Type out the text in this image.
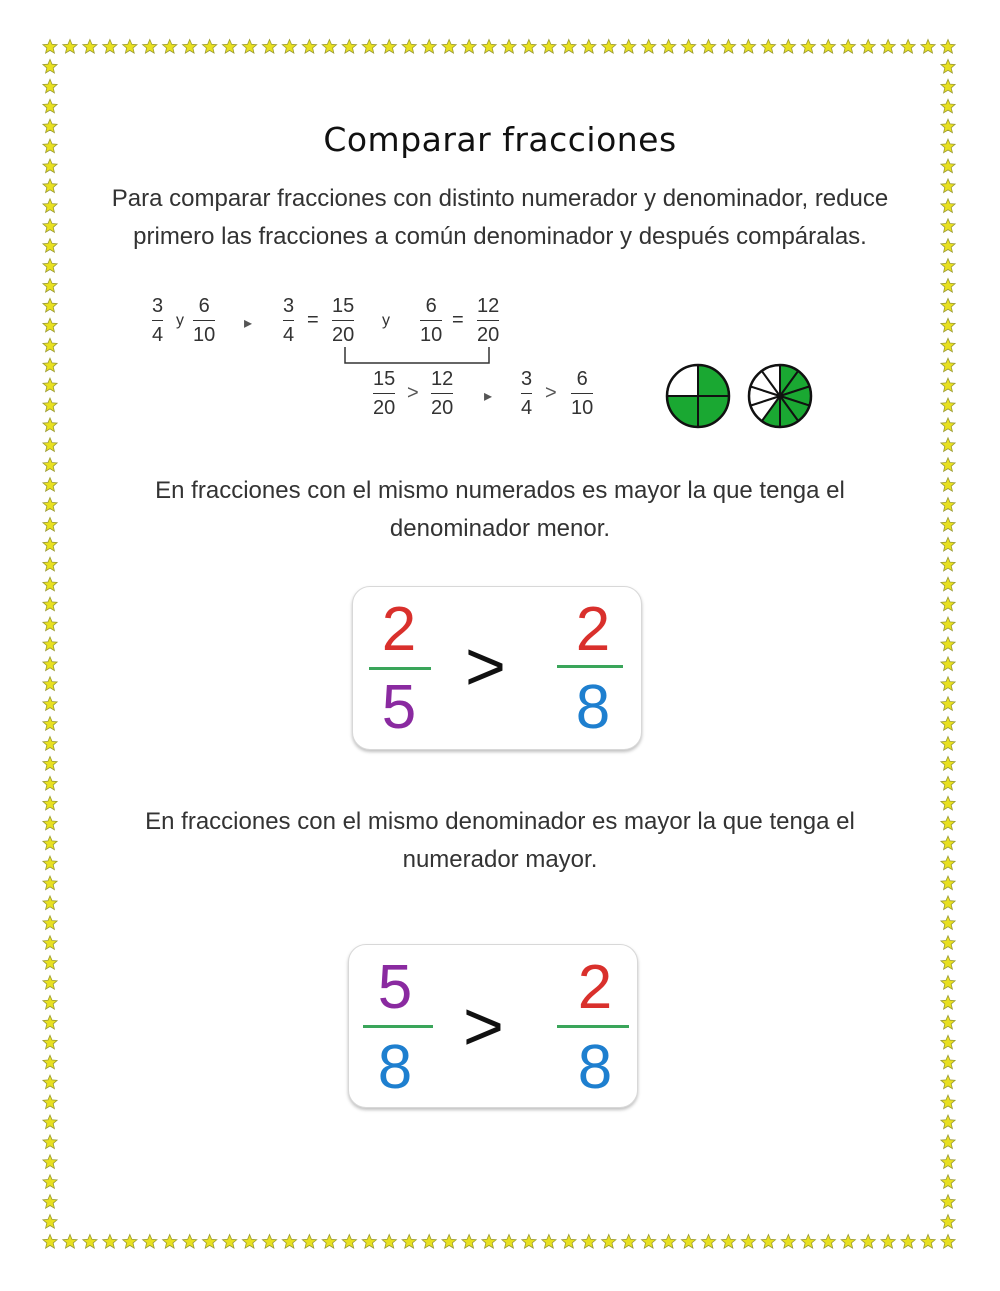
Comparar fracciones
Para comparar fracciones con distinto numerador y denominador, reduce
primero las fracciones a común denominador y después compáralas.
3
4
y
6
10
▸
3
4
=
15
20
y
6
10
=
12
20
15
20
>
12
20
▸
3
4
>
6
10
En fracciones con el mismo numerados es mayor la que tenga el
denominador menor.
2
5
>	2
8
En fracciones con el mismo denominador es mayor la que tenga el
numerador mayor.
5
8
>	2
8
